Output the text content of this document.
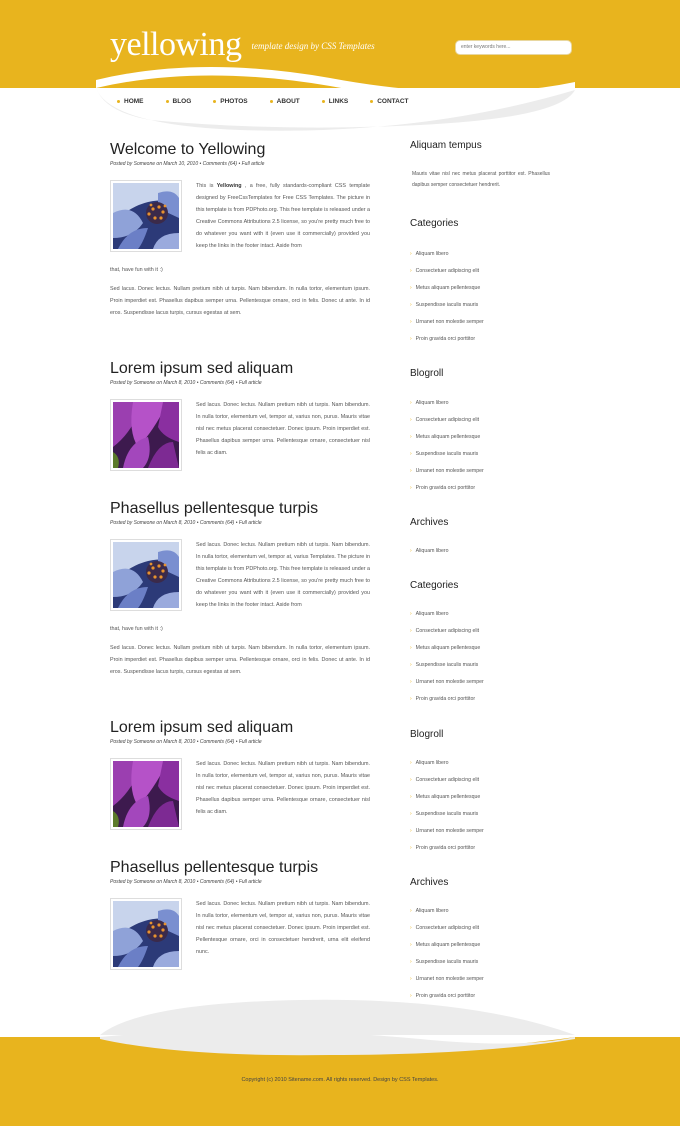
yellowing $^{template design by CSS Templates}$	enter keywords here...
HOME	BLOG	PHOTOS	ABOUT	LINKS	CONTACT
Welcome to Yellowing
Posted by Someone on March 10, 2010 • Comments (64) • Full article
This is Yellowing , a free, fully standards-compliant CSS template designed by FreeCssTemplates for Free CSS Templates. The picture in this template is from PDPhoto.org. This free template is released under a Creative Commons Attributions 2.5 license, so you're pretty much free to do whatever you want with it (even use it commercially) provided you keep the links in the footer intact. Aside from
that, have fun with it :)
Sed lacus. Donec lectus. Nullam pretium nibh ut turpis. Nam bibendum. In nulla tortor, elementum ipsum. Proin imperdiet est. Phasellus dapibus semper urna. Pellentesque ornare, orci in felis. Donec ut ante. In id eros. Suspendisse lacus turpis, cursus egestas at sem.
Lorem ipsum sed aliquam
Posted by Someone on March 8, 2010 • Comments (64) • Full article
Sed lacus. Donec lectus. Nullam pretium nibh ut turpis. Nam bibendum. In nulla tortor, elementum vel, tempor at, varius non, purus. Mauris vitae nisl nec metus placerat consectetuer. Donec ipsum. Proin imperdiet est. Phasellus dapibus semper urna. Pellentesque ornare, consectetuer nisl felis ac diam.
Phasellus pellentesque turpis
Posted by Someone on March 8, 2010 • Comments (64) • Full article
Sed lacus. Donec lectus. Nullam pretium nibh ut turpis. Nam bibendum. In nulla tortor, elementum vel, tempor at, varius Templates. The picture in this template is from PDPhoto.org. This free template is released under a Creative Commons Attributions 2.5 license, so you're pretty much free to do whatever you want with it (even use it commercially) provided you keep the links in the footer intact. Aside from
that, have fun with it :)
Sed lacus. Donec lectus. Nullam pretium nibh ut turpis. Nam bibendum. In nulla tortor, elementum ipsum. Proin imperdiet est. Phasellus dapibus semper urna. Pellentesque ornare, orci in felis. Donec ut ante. In id eros. Suspendisse lacus turpis, cursus egestas at sem.
Lorem ipsum sed aliquam
Posted by Someone on March 8, 2010 • Comments (64) • Full article
Sed lacus. Donec lectus. Nullam pretium nibh ut turpis. Nam bibendum. In nulla tortor, elementum vel, tempor at, varius non, purus. Mauris vitae nisl nec metus placerat consectetuer. Donec ipsum. Proin imperdiet est. Phasellus dapibus semper urna. Pellentesque ornare, consectetuer nisl felis ac diam.
Phasellus pellentesque turpis
Posted by Someone on March 8, 2010 • Comments (64) • Full article
Sed lacus. Donec lectus. Nullam pretium nibh ut turpis. Nam bibendum. In nulla tortor, elementum vel, tempor at, varius non, purus. Mauris vitae nisl nec metus placerat consectetuer. Donec ipsum. Proin imperdiet est. Pellentesque ornare, orci in consectetuer hendrerit, urna elit eleifend nunc.
Aliquam tempus
Mauris vitae nisl nec metus placerat porttitor est. Phasellus dapibus semper consectetuer hendrerit.
Categories
› Aliquam libero
› Consectetuer adipiscing elit
› Metus aliquam pellentesque
› Suspendisse iaculis mauris
› Urnanet non molestie semper
› Proin gravida orci porttitor
Blogroll
› Aliquam libero
› Consectetuer adipiscing elit
› Metus aliquam pellentesque
› Suspendisse iaculis mauris
› Urnanet non molestie semper
› Proin gravida orci porttitor
Archives
› Aliquam libero
Categories
› Aliquam libero
› Consectetuer adipiscing elit
› Metus aliquam pellentesque
› Suspendisse iaculis mauris
› Urnanet non molestie semper
› Proin gravida orci porttitor
Blogroll
› Aliquam libero
› Consectetuer adipiscing elit
› Metus aliquam pellentesque
› Suspendisse iaculis mauris
› Urnanet non molestie semper
› Proin gravida orci porttitor
Archives
› Aliquam libero
› Consectetuer adipiscing elit
› Metus aliquam pellentesque
› Suspendisse iaculis mauris
› Urnanet non molestie semper
› Proin gravida orci porttitor
Copyright (c) 2010 Sitename.com. All rights reserved. Design by CSS Templates.
